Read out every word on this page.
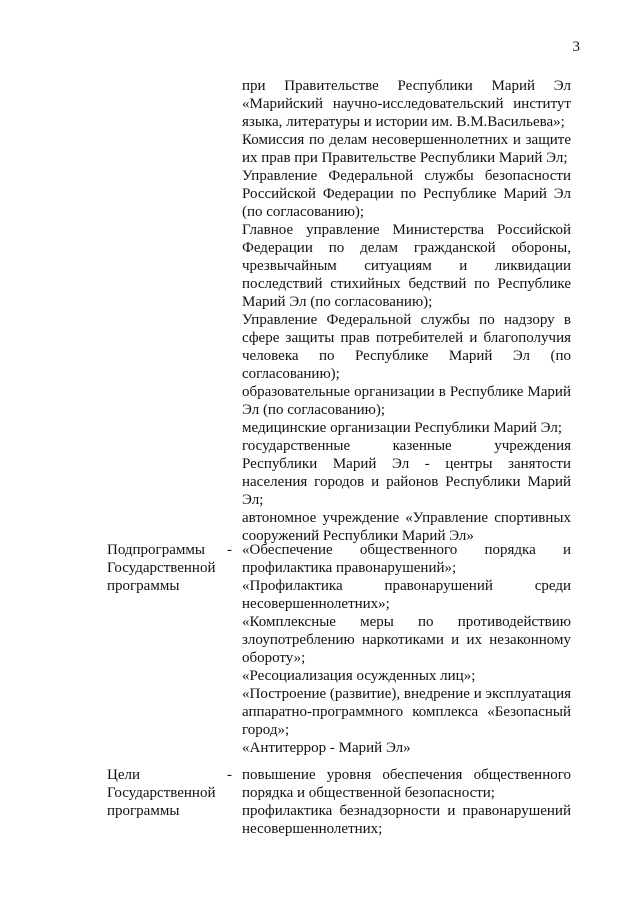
3

при Правительстве Республики Марий Эл «Марийский научно-исследовательский институт языка, литературы и истории им. В.М.Васильева»;

Комиссия по делам несовершеннолетних и защите их прав при Правительстве Республики Марий Эл;

Управление Федеральной службы безопасности Российской Федерации по Республике Марий Эл (по согласованию);

Главное управление Министерства Российской Федерации по делам гражданской обороны, чрезвычайным ситуациям и ликвидации последствий стихийных бедствий по Республике Марий Эл (по согласованию);

Управление Федеральной службы по надзору в сфере защиты прав потребителей и благополучия человека по Республике Марий Эл (по согласованию);

образовательные организации в Республике Марий Эл (по согласованию);

медицинские организации Республики Марий Эл;

государственные казенные учреждения Республики Марий Эл - центры занятости населения городов и районов Республики Марий Эл;

автономное учреждение «Управление спортивных сооружений Республики Марий Эл»

Подпрограммы
Государственной
программы
- «Обеспечение общественного порядка и профилактика правонарушений»;

«Профилактика правонарушений среди несовершеннолетних»;

«Комплексные меры по противодействию злоупотреблению наркотиками и их незаконному обороту»;

«Ресоциализация осужденных лиц»;

«Построение (развитие), внедрение и эксплуатация аппаратно-программного комплекса «Безопасный город»;

«Антитеррор - Марий Эл»

Цели
Государственной
программы
- повышение уровня обеспечения общественного порядка и общественной безопасности;

профилактика безнадзорности и правонарушений несовершеннолетних;
